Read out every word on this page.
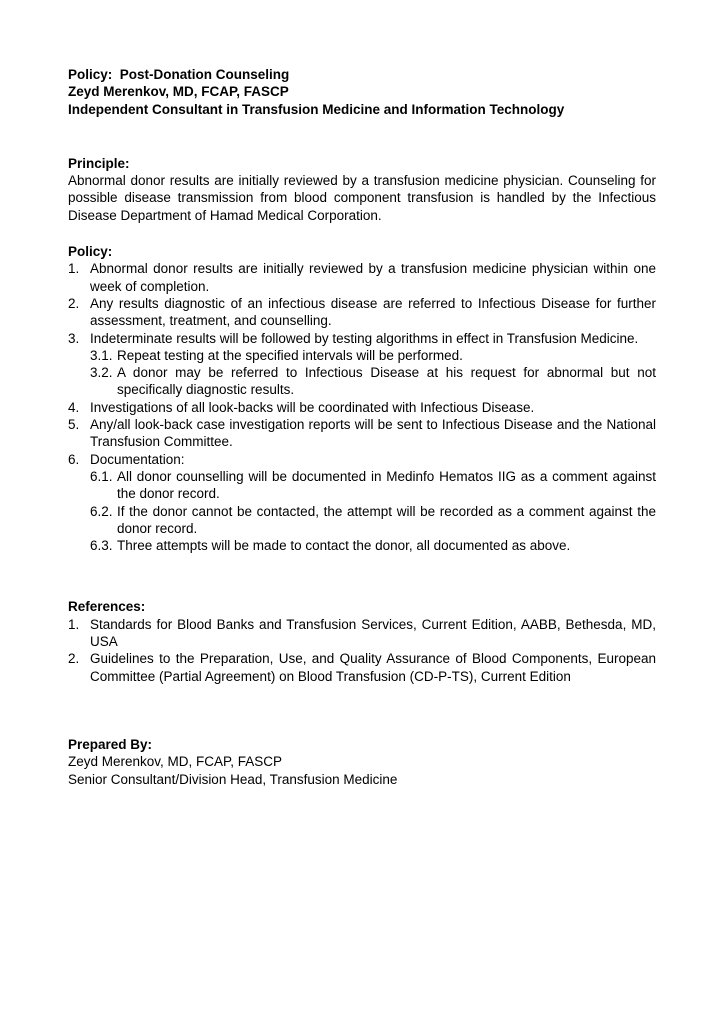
Policy:  Post-Donation Counseling
Zeyd Merenkov, MD, FCAP, FASCP
Independent Consultant in Transfusion Medicine and Information Technology
Principle:
Abnormal donor results are initially reviewed by a transfusion medicine physician. Counseling for possible disease transmission from blood component transfusion is handled by the Infectious Disease Department of Hamad Medical Corporation.
Policy:
1. Abnormal donor results are initially reviewed by a transfusion medicine physician within one week of completion.
2. Any results diagnostic of an infectious disease are referred to Infectious Disease for further assessment, treatment, and counselling.
3. Indeterminate results will be followed by testing algorithms in effect in Transfusion Medicine.
3.1. Repeat testing at the specified intervals will be performed.
3.2. A donor may be referred to Infectious Disease at his request for abnormal but not specifically diagnostic results.
4. Investigations of all look-backs will be coordinated with Infectious Disease.
5. Any/all look-back case investigation reports will be sent to Infectious Disease and the National Transfusion Committee.
6. Documentation:
6.1. All donor counselling will be documented in Medinfo Hematos IIG as a comment against the donor record.
6.2. If the donor cannot be contacted, the attempt will be recorded as a comment against the donor record.
6.3. Three attempts will be made to contact the donor, all documented as above.
References:
1. Standards for Blood Banks and Transfusion Services, Current Edition, AABB, Bethesda, MD, USA
2. Guidelines to the Preparation, Use, and Quality Assurance of Blood Components, European Committee (Partial Agreement) on Blood Transfusion (CD-P-TS), Current Edition
Prepared By:
Zeyd Merenkov, MD, FCAP, FASCP
Senior Consultant/Division Head, Transfusion Medicine
